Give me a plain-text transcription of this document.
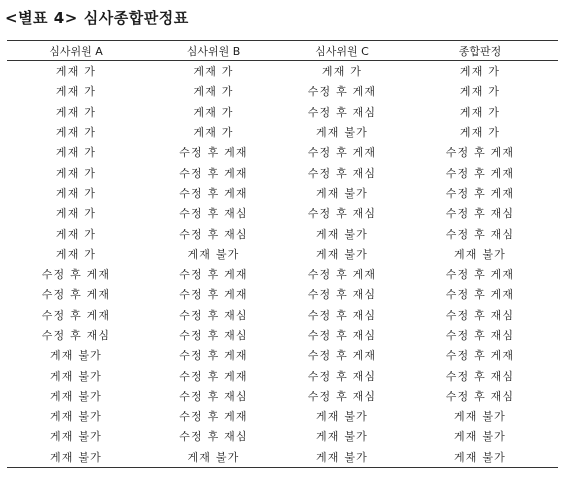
<별표 4> 심사종합판정표
심사위원 A	심사위원 B	심사위원 C	종합판정
게재 가	게재 가	게재 가	게재 가
게재 가	게재 가	수정 후 게재	게재 가
게재 가	게재 가	수정 후 재심	게재 가
게재 가	게재 가	게재 불가	게재 가
게재 가	수정 후 게재	수정 후 게재	수정 후 게재
게재 가	수정 후 게재	수정 후 재심	수정 후 게재
게재 가	수정 후 게재	게재 불가	수정 후 게재
게재 가	수정 후 재심	수정 후 재심	수정 후 재심
게재 가	수정 후 재심	게재 불가	수정 후 재심
게재 가	게재 불가	게재 불가	게재 불가
수정 후 게재	수정 후 게재	수정 후 게재	수정 후 게재
수정 후 게재	수정 후 게재	수정 후 재심	수정 후 게재
수정 후 게재	수정 후 재심	수정 후 재심	수정 후 재심
수정 후 재심	수정 후 재심	수정 후 재심	수정 후 재심
게재 불가	수정 후 게재	수정 후 게재	수정 후 게재
게재 불가	수정 후 게재	수정 후 재심	수정 후 재심
게재 불가	수정 후 재심	수정 후 재심	수정 후 재심
게재 불가	수정 후 게재	게재 불가	게재 불가
게재 불가	수정 후 재심	게재 불가	게재 불가
게재 불가	게재 불가	게재 불가	게재 불가
